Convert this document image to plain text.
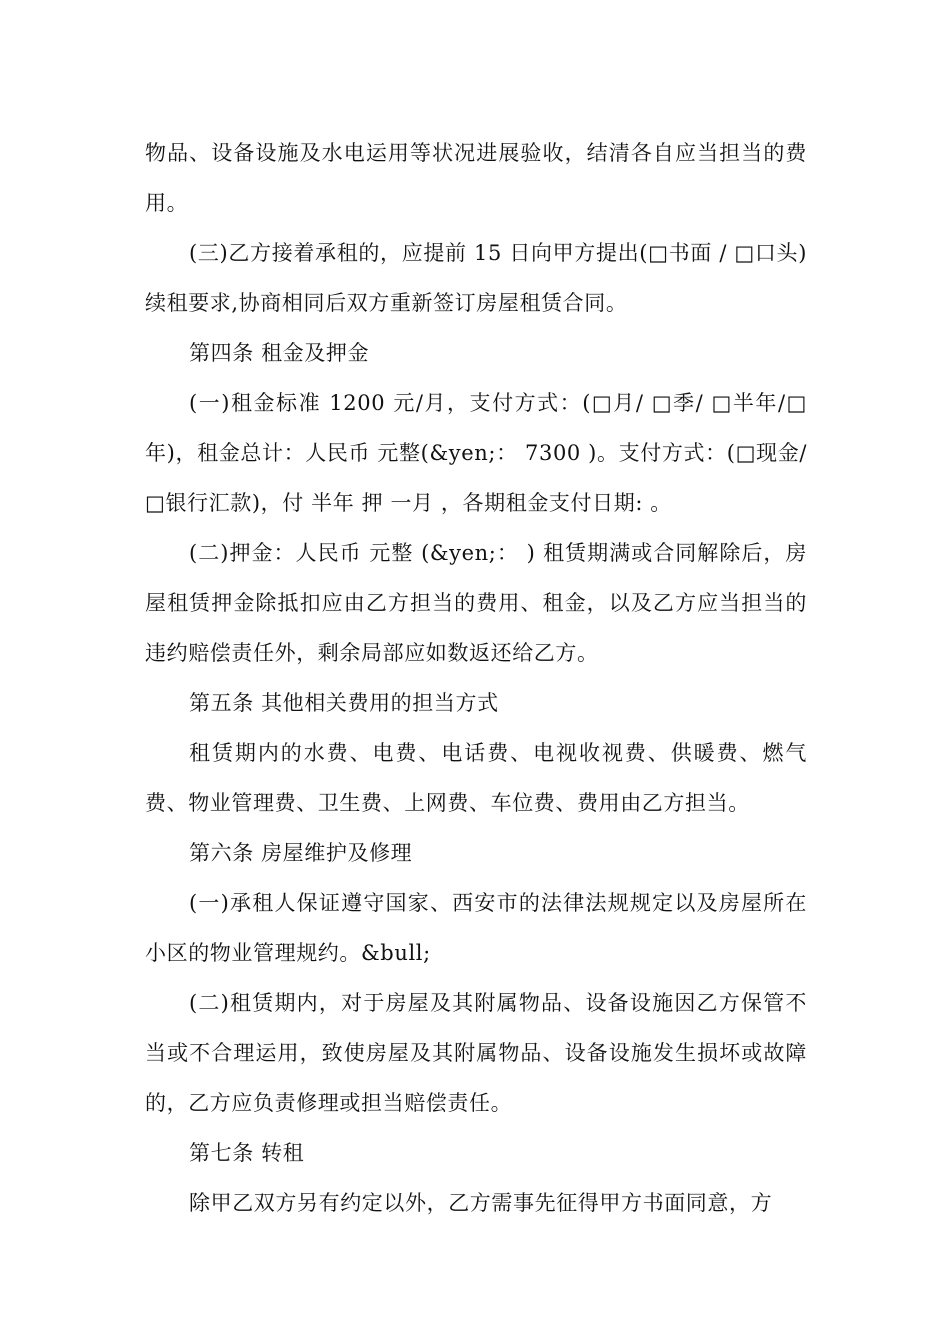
物品、设备设施及水电运用等状况进展验收，结清各自应当担当的费用。

(三)乙方接着承租的，应提前 15 日向甲方提出(□书面 / □口头)续租要求,协商相同后双方重新签订房屋租赁合同。

第四条 租金及押金

(一)租金标准 1200 元/月，支付方式：(□月/ □季/ □半年/□年)，租金总计：人民币 元整(&yen;： 7300 )。支付方式：(□现金/□银行汇款)，付 半年 押 一月 ，各期租金支付日期: 。

(二)押金：人民币 元整 (&yen;： ) 租赁期满或合同解除后，房屋租赁押金除抵扣应由乙方担当的费用、租金，以及乙方应当担当的违约赔偿责任外，剩余局部应如数返还给乙方。

第五条 其他相关费用的担当方式

租赁期内的水费、电费、电话费、电视收视费、供暖费、燃气费、物业管理费、卫生费、上网费、车位费、费用由乙方担当。

第六条 房屋维护及修理

(一)承租人保证遵守国家、西安市的法律法规规定以及房屋所在小区的物业管理规约。&bull;

(二)租赁期内，对于房屋及其附属物品、设备设施因乙方保管不当或不合理运用，致使房屋及其附属物品、设备设施发生损坏或故障的，乙方应负责修理或担当赔偿责任。

第七条 转租

除甲乙双方另有约定以外，乙方需事先征得甲方书面同意，方
